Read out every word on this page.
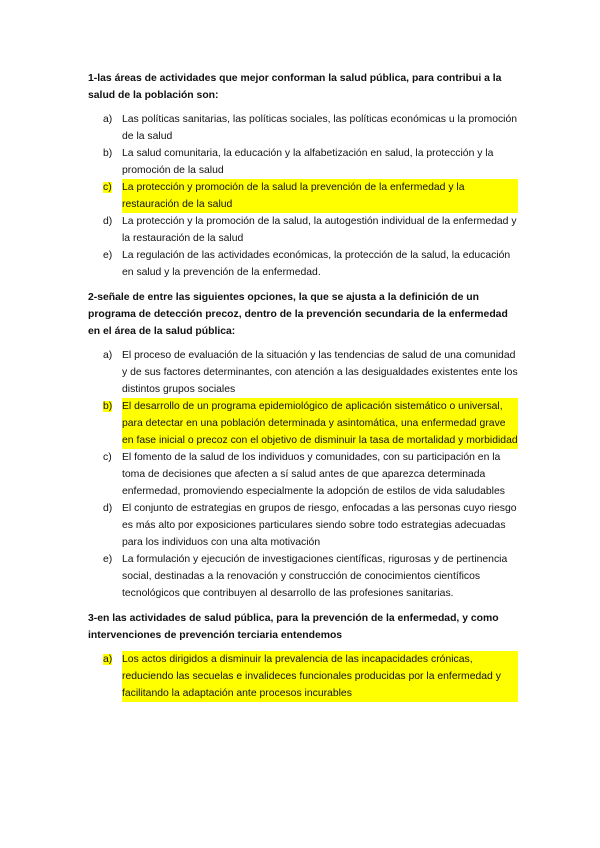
1-las áreas de actividades que mejor conforman la salud pública, para contribui a la salud de la población son:

a) Las políticas sanitarias, las políticas sociales, las políticas económicas u la promoción de la salud
b) La salud comunitaria, la educación y la alfabetización en salud, la protección y la promoción de la salud
c) La protección y promoción de la salud la prevención de la enfermedad y la restauración de la salud
d) La protección y la promoción de la salud, la autogestión individual de la enfermedad y la restauración de la salud
e) La regulación de las actividades económicas, la protección de la salud, la educación en salud y la prevención de la enfermedad.

2-señale de entre las siguientes opciones, la que se ajusta a la definición de un programa de detección precoz, dentro de la prevención secundaria de la enfermedad en el área de la salud pública:

a) El proceso de evaluación de la situación y las tendencias de salud de una comunidad y de sus factores determinantes, con atención a las desigualdades existentes ente los distintos grupos sociales
b) El desarrollo de un programa epidemiológico de aplicación sistemático o universal, para detectar en una población determinada y asintomática, una enfermedad grave en fase inicial o precoz con el objetivo de disminuir la tasa de mortalidad y morbididad
c) El fomento de la salud de los individuos y comunidades, con su participación en la toma de decisiones que afecten a sí salud antes de que aparezca determinada enfermedad, promoviendo especialmente la adopción de estilos de vida saludables
d) El conjunto de estrategias en grupos de riesgo, enfocadas a las personas cuyo riesgo es más alto por exposiciones particulares siendo sobre todo estrategias adecuadas para los individuos con una alta motivación
e) La formulación y ejecución de investigaciones científicas, rigurosas y de pertinencia social, destinadas a la renovación y construcción de conocimientos científicos tecnológicos que contribuyen al desarrollo de las profesiones sanitarias.

3-en las actividades de salud pública, para la prevención de la enfermedad, y como intervenciones de prevención terciaria entendemos

a) Los actos dirigidos a disminuir la prevalencia de las incapacidades crónicas, reduciendo las secuelas e invalideces funcionales producidas por la enfermedad y facilitando la adaptación ante procesos incurables
